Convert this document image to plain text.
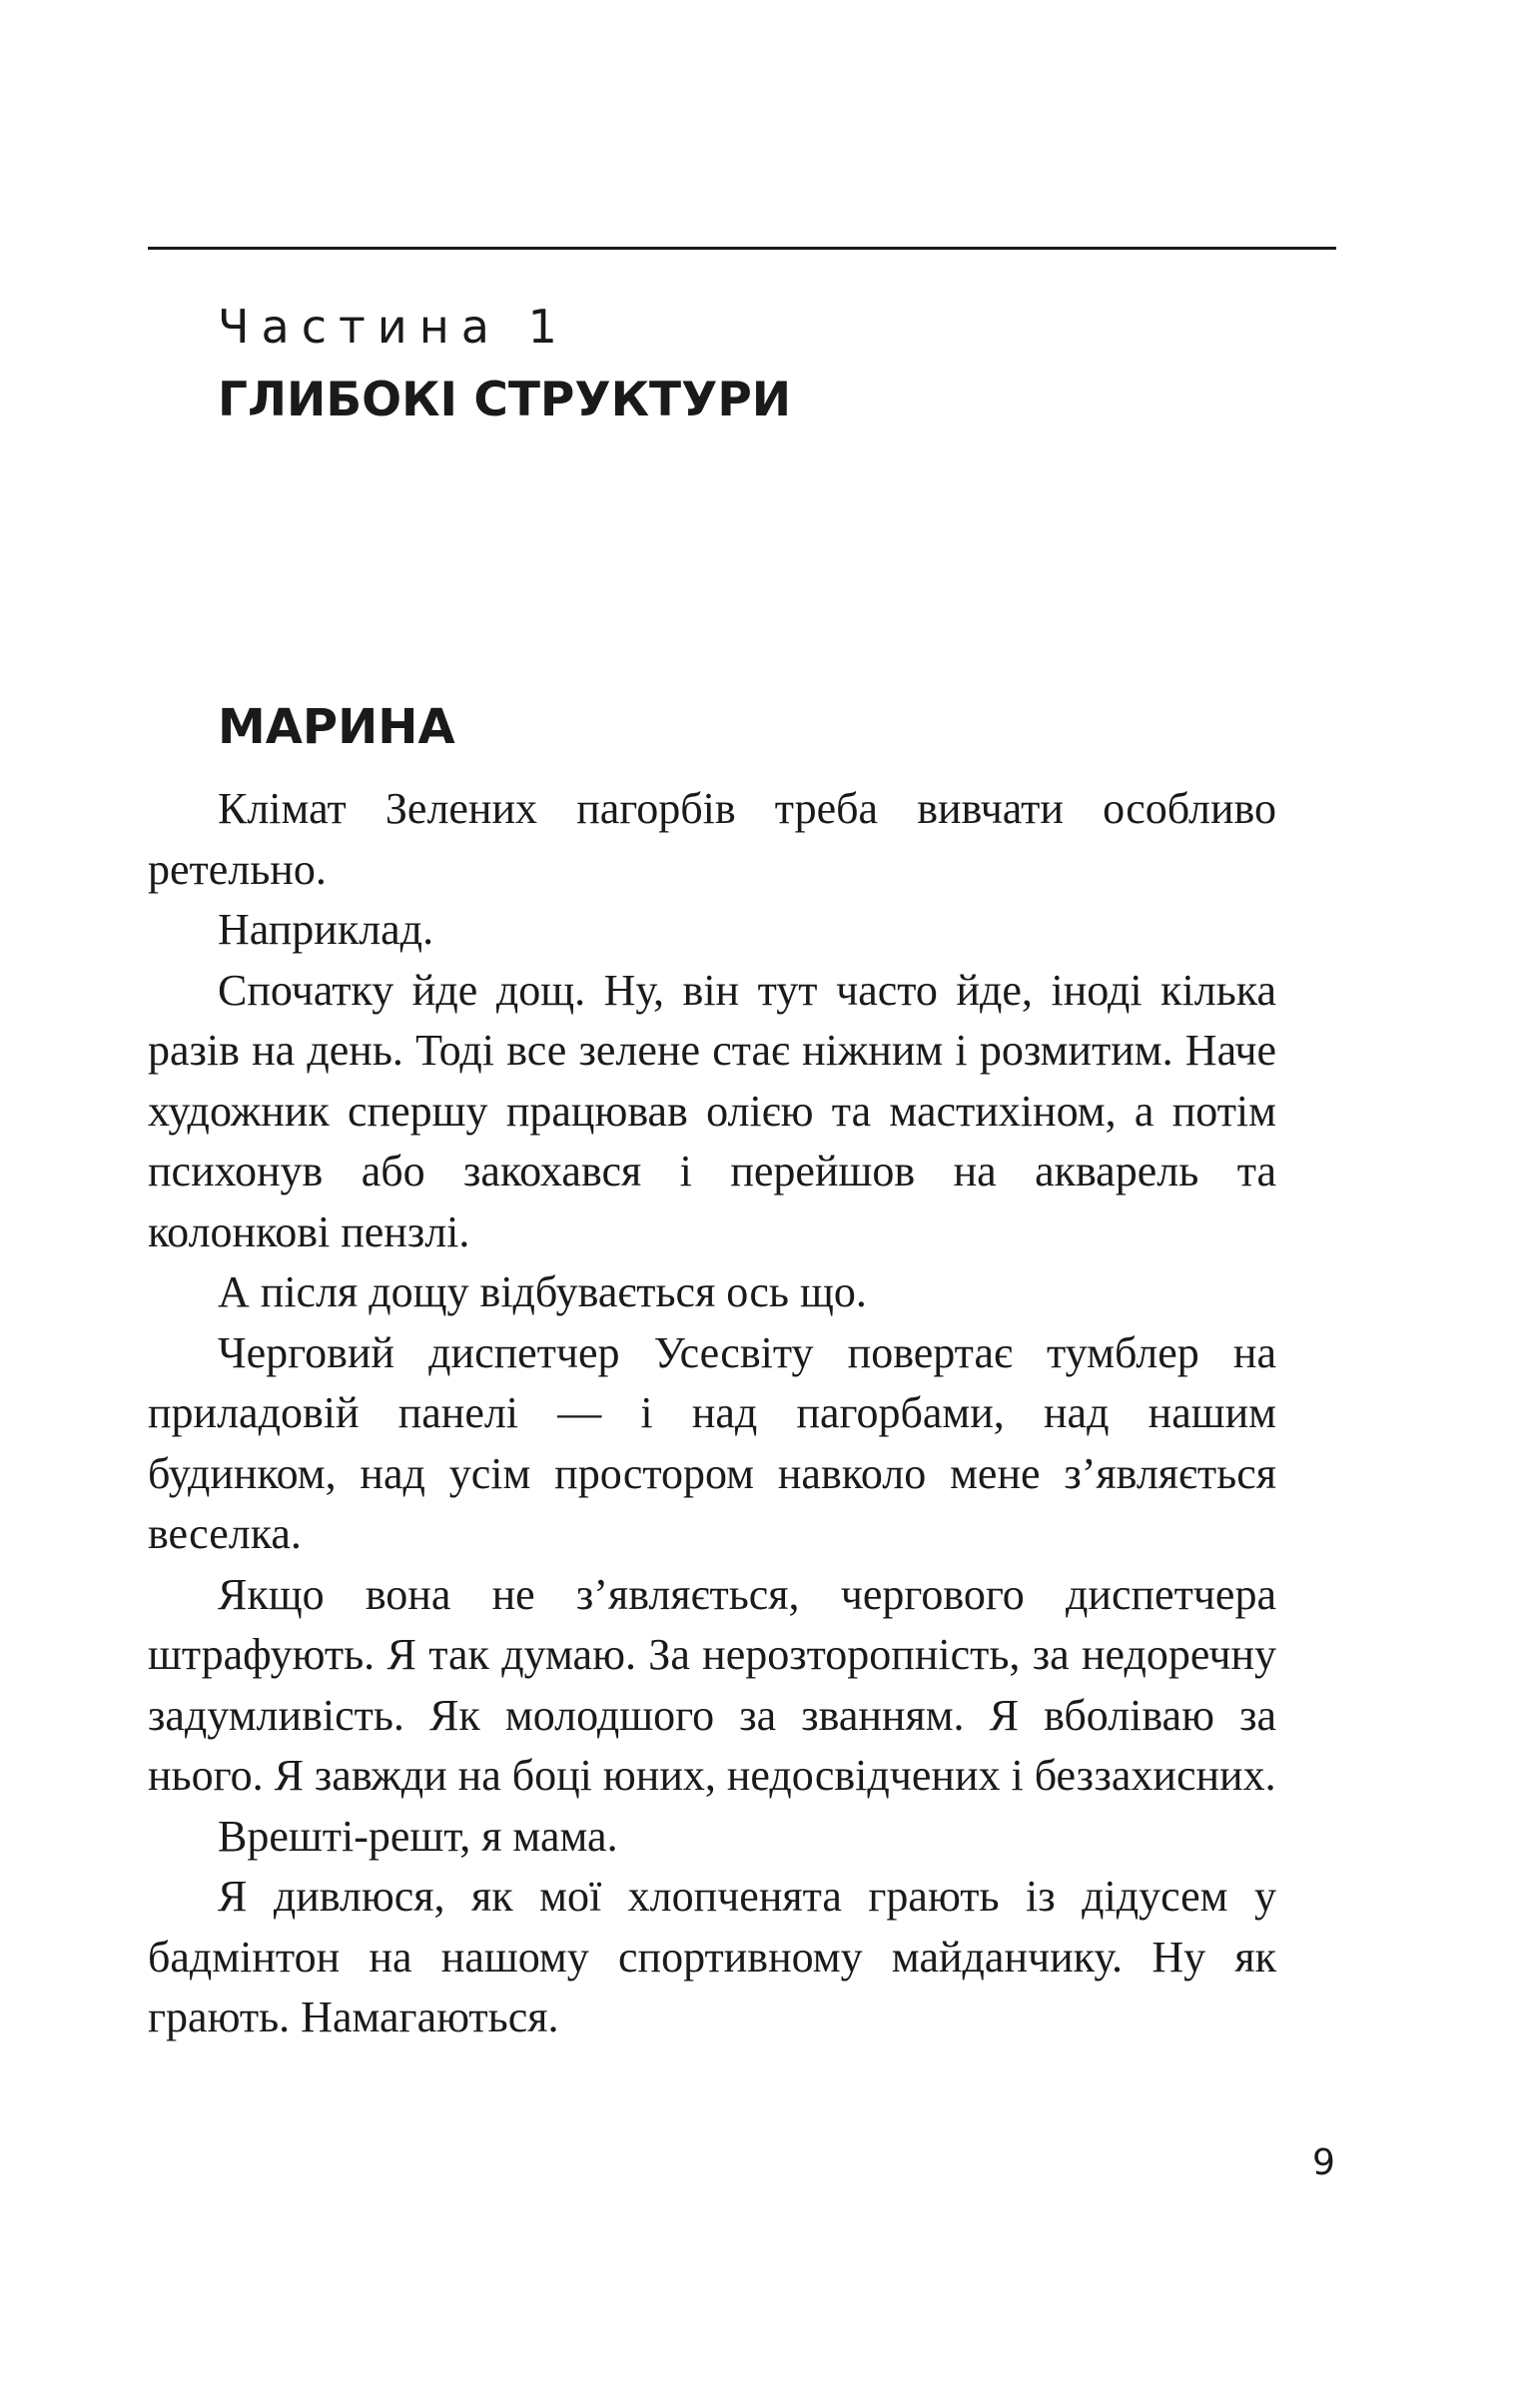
Частина 1
ГЛИБОКІ СТРУКТУРИ
МАРИНА

Клімат Зелених пагорбів треба вивчати особливо ретельно.

Наприклад.

Спочатку йде дощ. Ну, він тут часто йде, іноді кілька разів на день. Тоді все зелене стає ніжним і розмитим. Наче художник спершу працював олією та мастихіном, а потім психонув або закохався і перейшов на акварель та колонкові пензлі.

А після дощу відбувається ось що.

Черговий диспетчер Усесвіту повертає тумблер на приладовій панелі — і над пагорбами, над нашим будинком, над усім простором навколо мене з’являється веселка.

Якщо вона не з’являється, чергового диспетчера штрафують. Я так думаю. За нерозторопність, за недоречну задумливість. Як молодшого за званням. Я вболіваю за нього. Я завжди на боці юних, недосвідчених і беззахисних.

Врешті-решт, я мама.

Я дивлюся, як мої хлопченята грають із дідусем у бадмінтон на нашому спортивному майданчику. Ну як грають. Намагаються.

9
